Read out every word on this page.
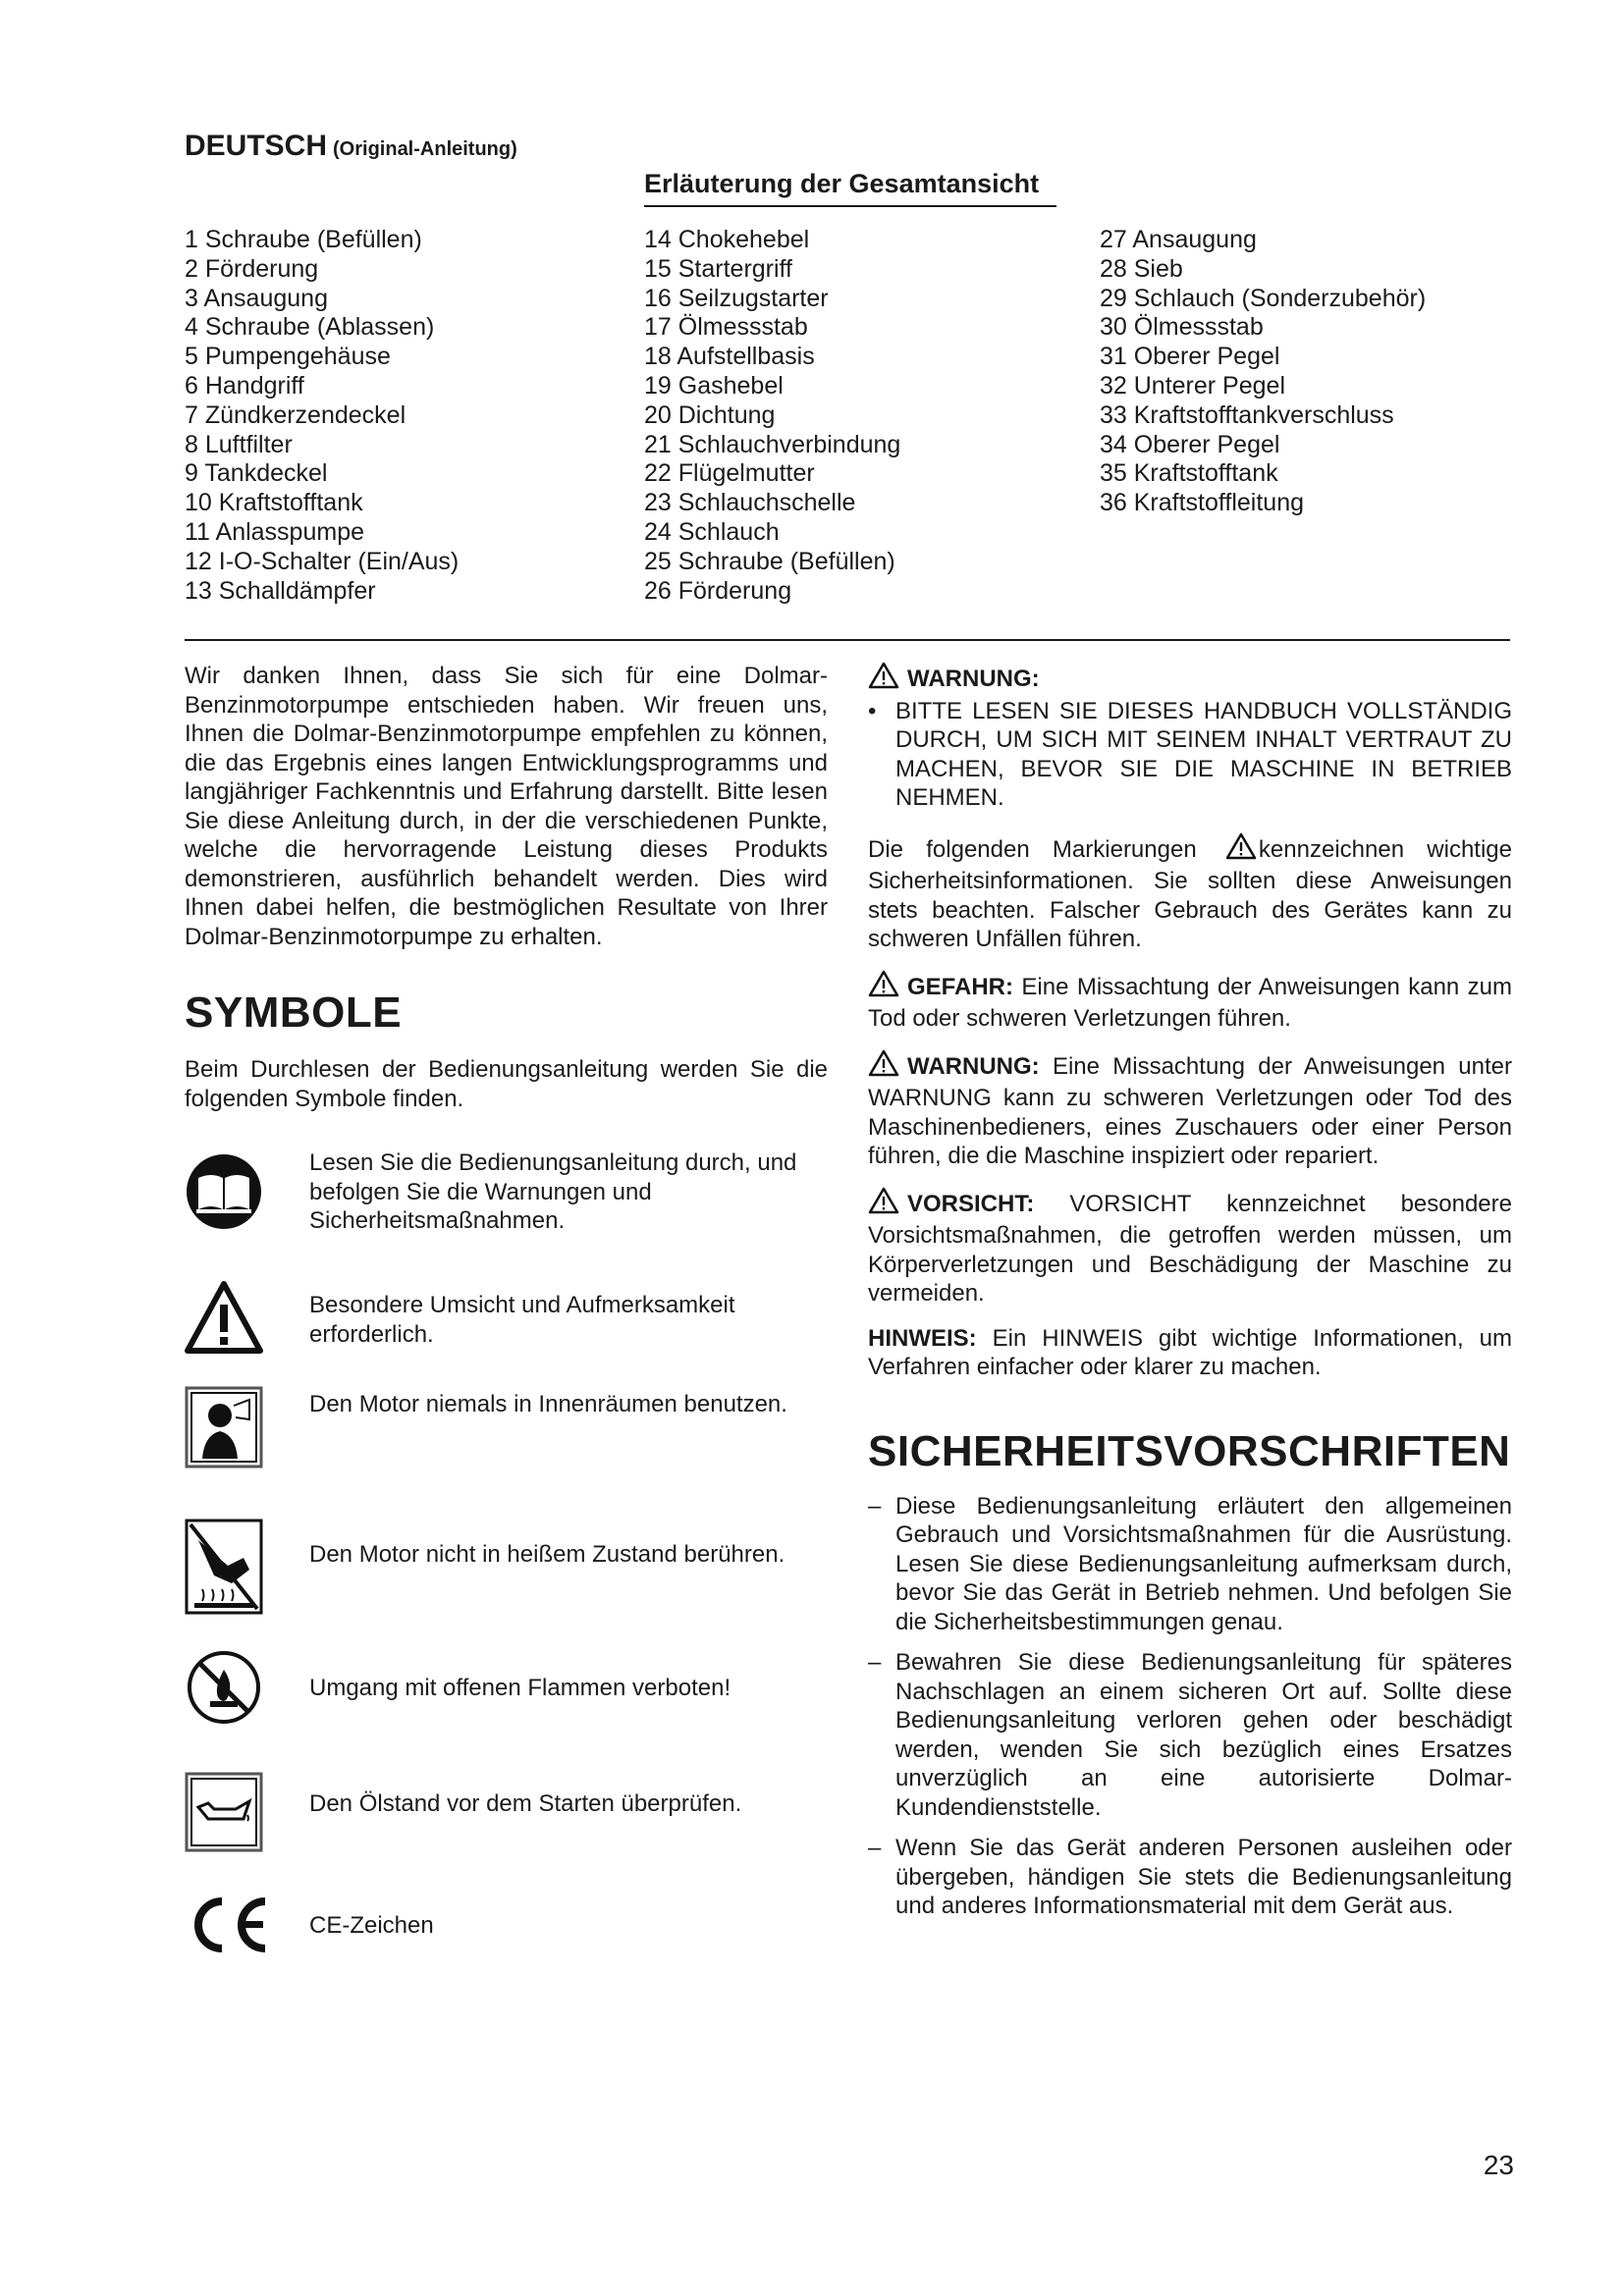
DEUTSCH (Original-Anleitung)
Erläuterung der Gesamtansicht
1 Schraube (Befüllen)
2 Förderung
3 Ansaugung
4 Schraube (Ablassen)
5 Pumpengehäuse
6 Handgriff
7 Zündkerzendeckel
8 Luftfilter
9 Tankdeckel
10 Kraftstofftank
11 Anlasspumpe
12 I-O-Schalter (Ein/Aus)
13 Schalldämpfer
14 Chokehebel
15 Startergriff
16 Seilzugstarter
17 Ölmessstab
18 Aufstellbasis
19 Gashebel
20 Dichtung
21 Schlauchverbindung
22 Flügelmutter
23 Schlauchschelle
24 Schlauch
25 Schraube (Befüllen)
26 Förderung
27 Ansaugung
28 Sieb
29 Schlauch (Sonderzubehör)
30 Ölmessstab
31 Oberer Pegel
32 Unterer Pegel
33 Kraftstofftankverschluss
34 Oberer Pegel
35 Kraftstofftank
36 Kraftstoffleitung

Wir danken Ihnen, dass Sie sich für eine Dolmar-Benzinmotorpumpe entschieden haben. Wir freuen uns, Ihnen die Dolmar-Benzinmotorpumpe empfehlen zu können, die das Ergebnis eines langen Entwicklungsprogramms und langjähriger Fachkenntnis und Erfahrung darstellt. Bitte lesen Sie diese Anleitung durch, in der die verschiedenen Punkte, welche die hervorragende Leistung dieses Produkts demonstrieren, ausführlich behandelt werden. Dies wird Ihnen dabei helfen, die bestmöglichen Resultate von Ihrer Dolmar-Benzinmotorpumpe zu erhalten.

SYMBOLE

Beim Durchlesen der Bedienungsanleitung werden Sie die folgenden Symbole finden.

Lesen Sie die Bedienungsanleitung durch, und befolgen Sie die Warnungen und Sicherheitsmaßnahmen.
Besondere Umsicht und Aufmerksamkeit erforderlich.
Den Motor niemals in Innenräumen benutzen.
Den Motor nicht in heißem Zustand berühren.
Umgang mit offenen Flammen verboten!
Den Ölstand vor dem Starten überprüfen.
CE-Zeichen

WARNUNG:

• BITTE LESEN SIE DIESES HANDBUCH VOLLSTÄNDIG DURCH, UM SICH MIT SEINEM INHALT VERTRAUT ZU MACHEN, BEVOR SIE DIE MASCHINE IN BETRIEB NEHMEN.

Die folgenden Markierungen	kennzeichnen wichtige Sicherheitsinformationen. Sie sollten diese Anweisungen stets beachten. Falscher Gebrauch des Gerätes kann zu schweren Unfällen führen.

GEFAHR: Eine Missachtung der Anweisungen kann zum Tod oder schweren Verletzungen führen.

WARNUNG: Eine Missachtung der Anweisungen unter WARNUNG kann zu schweren Verletzungen oder Tod des Maschinenbedieners, eines Zuschauers oder einer Person führen, die die Maschine inspiziert oder repariert.

VORSICHT: VORSICHT kennzeichnet besondere Vorsichtsmaßnahmen, die getroffen werden müssen, um Körperverletzungen und Beschädigung der Maschine zu vermeiden.

HINWEIS: Ein HINWEIS gibt wichtige Informationen, um Verfahren einfacher oder klarer zu machen.

SICHERHEITSVORSCHRIFTEN
– Diese Bedienungsanleitung erläutert den allgemeinen Gebrauch und Vorsichtsmaßnahmen für die Ausrüstung. Lesen Sie diese Bedienungsanleitung aufmerksam durch, bevor Sie das Gerät in Betrieb nehmen. Und befolgen Sie die Sicherheitsbestimmungen genau.
– Bewahren Sie diese Bedienungsanleitung für späteres Nachschlagen an einem sicheren Ort auf. Sollte diese Bedienungsanleitung verloren gehen oder beschädigt werden, wenden Sie sich bezüglich eines Ersatzes unverzüglich an eine autorisierte Dolmar-Kundendienststelle.
– Wenn Sie das Gerät anderen Personen ausleihen oder übergeben, händigen Sie stets die Bedienungsanleitung und anderes Informationsmaterial mit dem Gerät aus.
23
